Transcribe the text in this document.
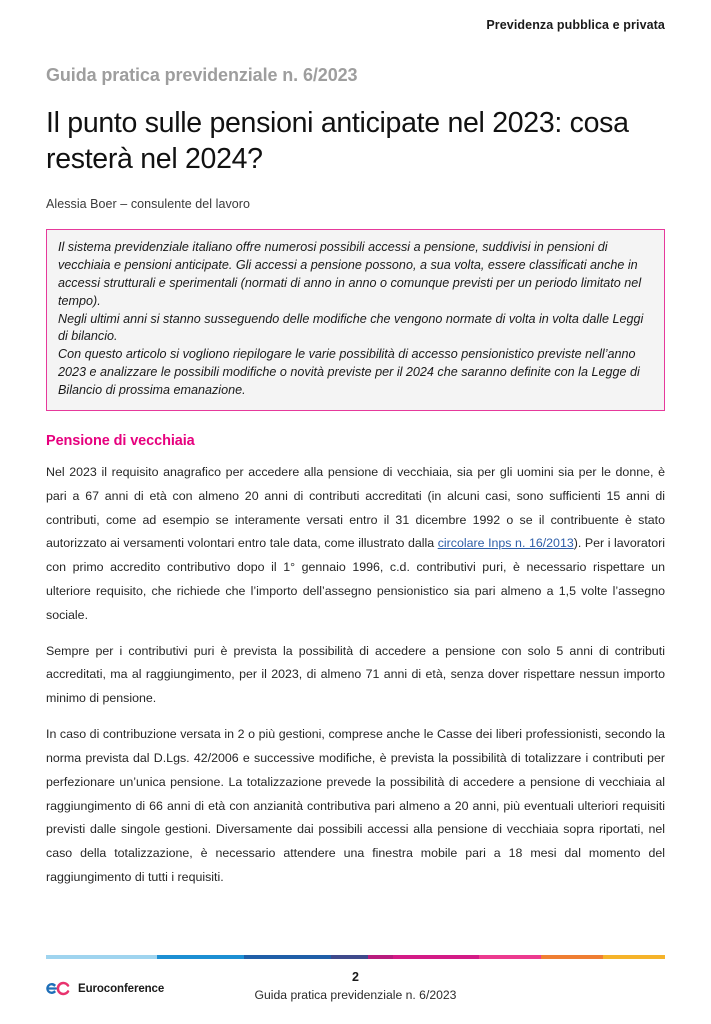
Previdenza pubblica e privata
Guida pratica previdenziale n. 6/2023
Il punto sulle pensioni anticipate nel 2023: cosa resterà nel 2024?
Alessia Boer – consulente del lavoro

Il sistema previdenziale italiano offre numerosi possibili accessi a pensione, suddivisi in pensioni di vecchiaia e pensioni anticipate. Gli accessi a pensione possono, a sua volta, essere classificati anche in accessi strutturali e sperimentali (normati di anno in anno o comunque previsti per un periodo limitato nel tempo).

Negli ultimi anni si stanno susseguendo delle modifiche che vengono normate di volta in volta dalle Leggi di bilancio.

Con questo articolo si vogliono riepilogare le varie possibilità di accesso pensionistico previste nell’anno 2023 e analizzare le possibili modifiche o novità previste per il 2024 che saranno definite con la Legge di Bilancio di prossima emanazione.

Pensione di vecchiaia

Nel 2023 il requisito anagrafico per accedere alla pensione di vecchiaia, sia per gli uomini sia per le donne, è pari a 67 anni di età con almeno 20 anni di contributi accreditati (in alcuni casi, sono sufficienti 15 anni di contributi, come ad esempio se interamente versati entro il 31 dicembre 1992 o se il contribuente è stato autorizzato ai versamenti volontari entro tale data, come illustrato dalla circolare Inps n. 16/2013). Per i lavoratori con primo accredito contributivo dopo il 1° gennaio 1996, c.d. contributivi puri, è necessario rispettare un ulteriore requisito, che richiede che l’importo dell’assegno pensionistico sia pari almeno a 1,5 volte l’assegno sociale.

Sempre per i contributivi puri è prevista la possibilità di accedere a pensione con solo 5 anni di contributi accreditati, ma al raggiungimento, per il 2023, di almeno 71 anni di età, senza dover rispettare nessun importo minimo di pensione.

In caso di contribuzione versata in 2 o più gestioni, comprese anche le Casse dei liberi professionisti, secondo la norma prevista dal D.Lgs. 42/2006 e successive modifiche, è prevista la possibilità di totalizzare i contributi per perfezionare un’unica pensione. La totalizzazione prevede la possibilità di accedere a pensione di vecchiaia al raggiungimento di 66 anni di età con anzianità contributiva pari almeno a 20 anni, più eventuali ulteriori requisiti previsti dalle singole gestioni. Diversamente dai possibili accessi alla pensione di vecchiaia sopra riportati, nel caso della totalizzazione, è necessario attendere una finestra mobile pari a 18 mesi dal momento del raggiungimento di tutti i requisiti.

Euroconference
2
Guida pratica previdenziale n. 6/2023
